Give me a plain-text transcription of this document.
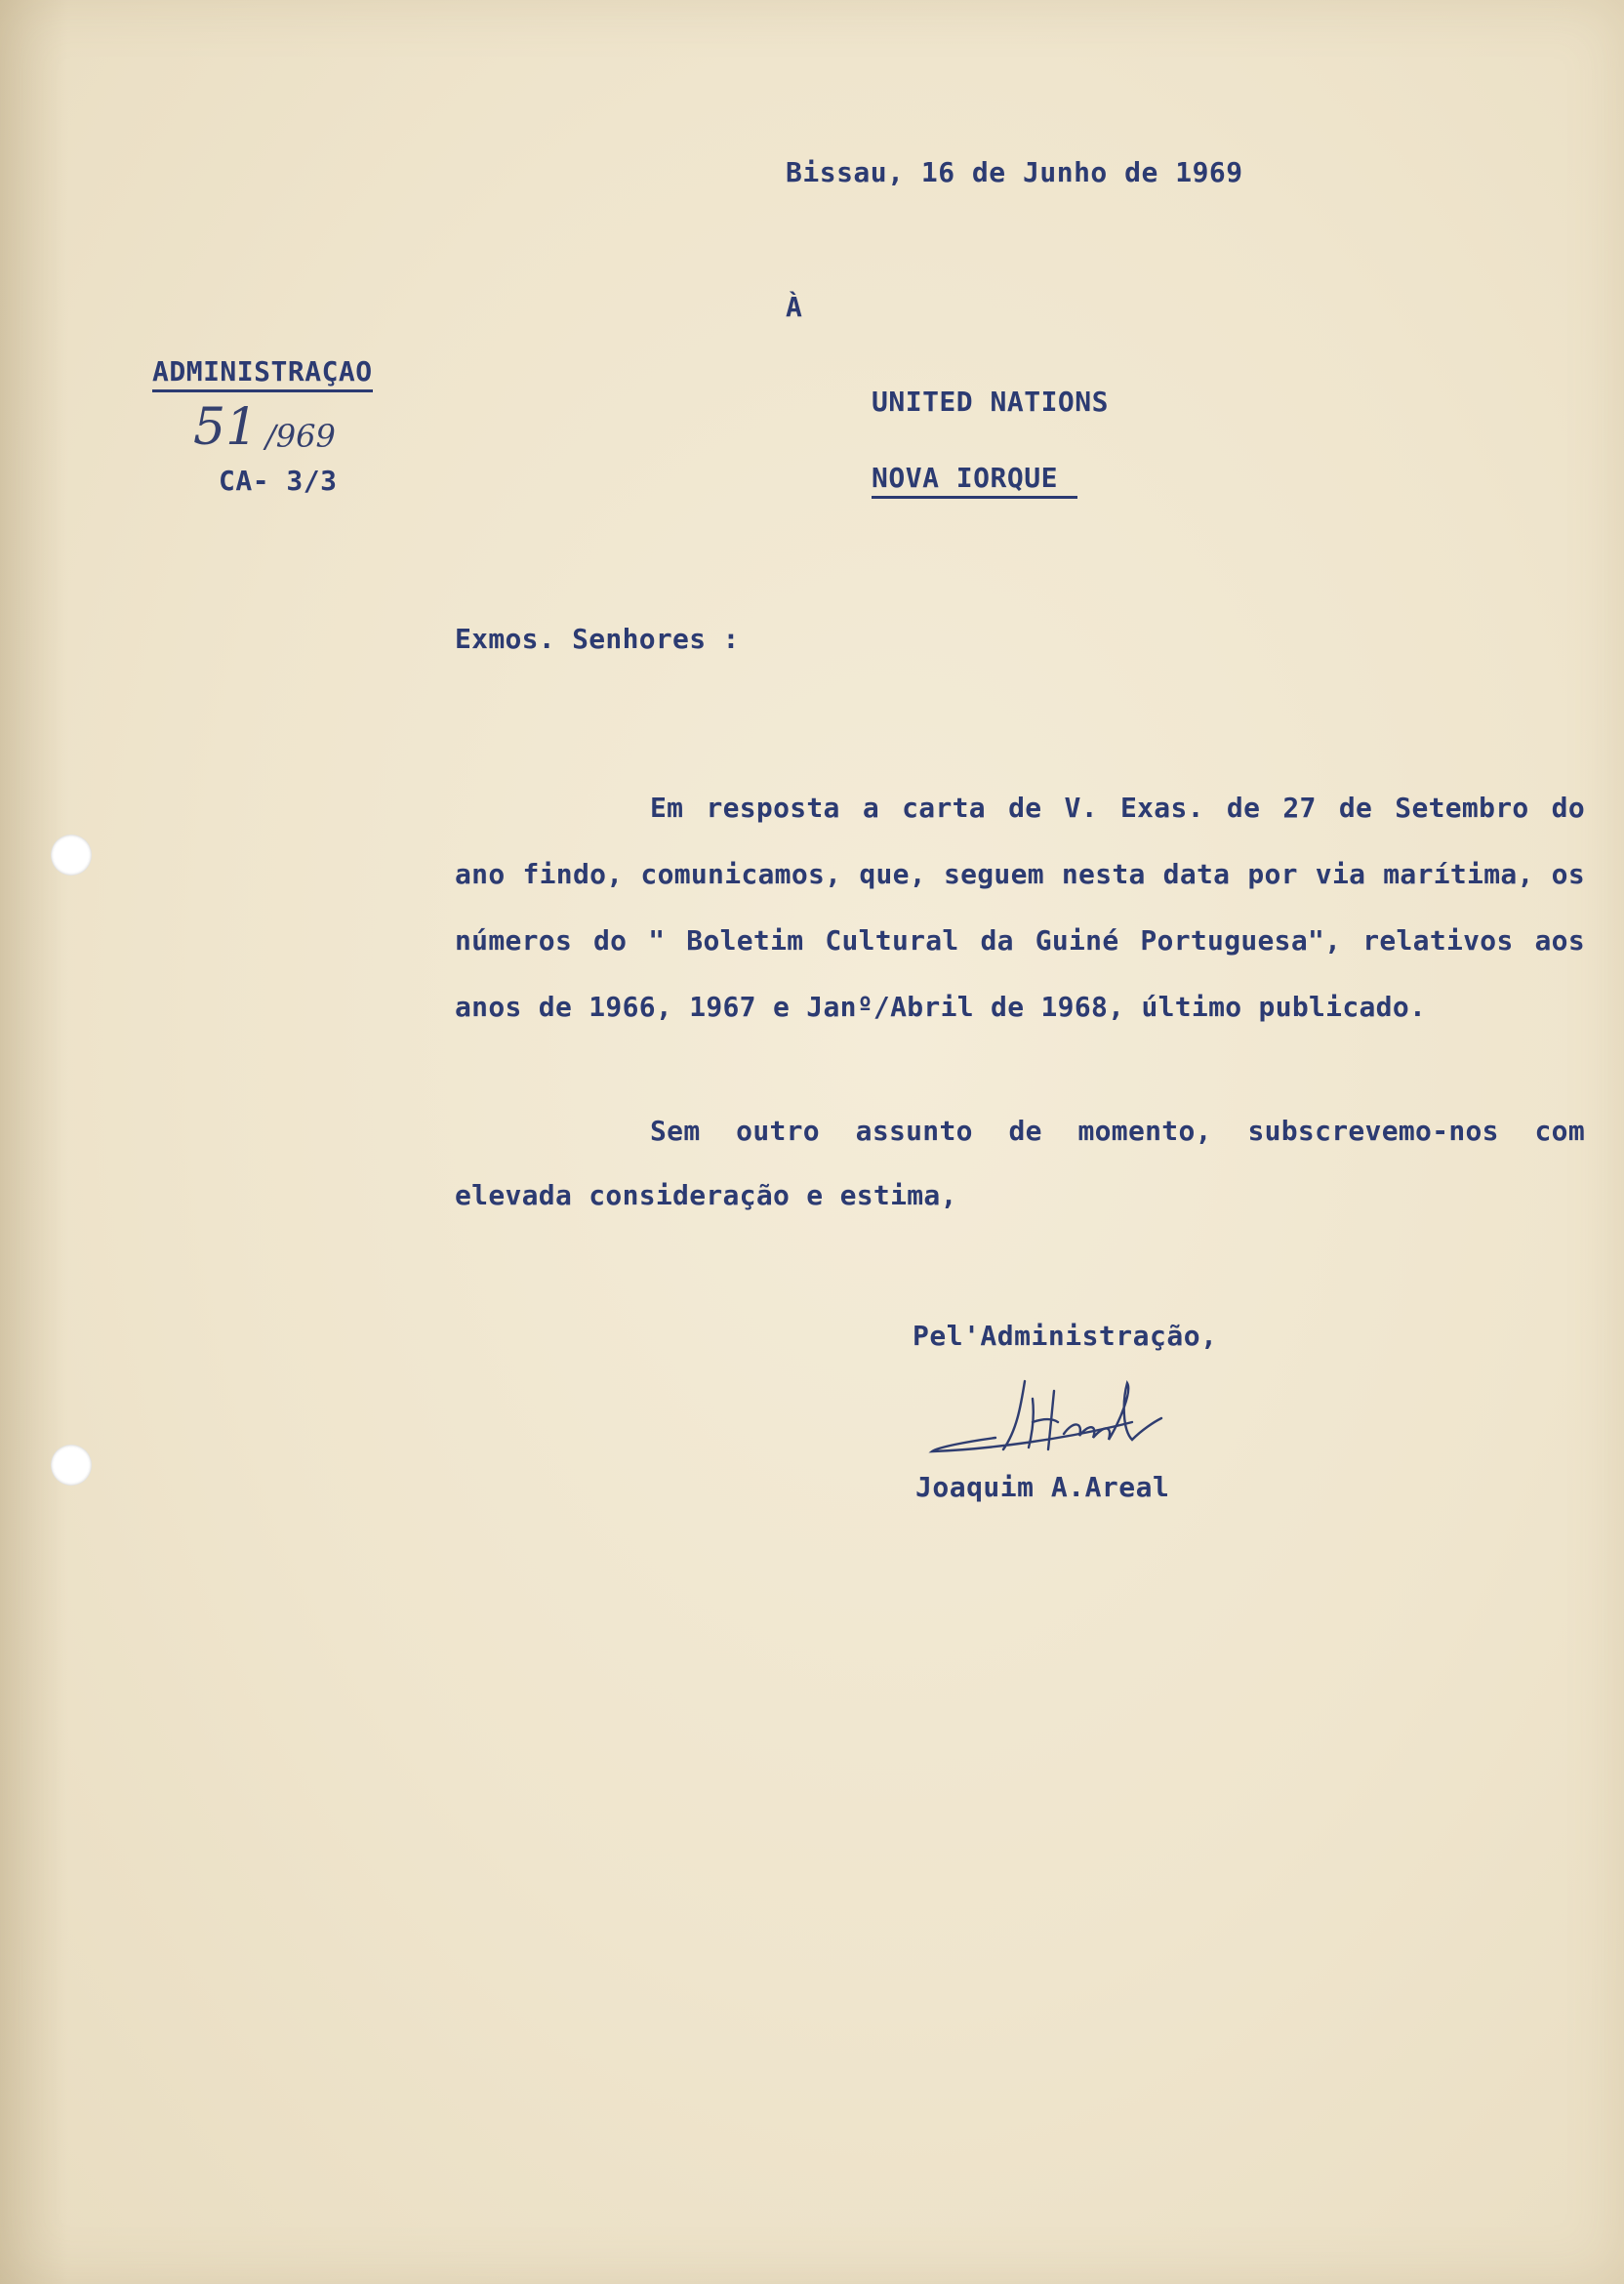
Bissau, 16 de Junho de 1969

À

UNITED NATIONS

NOVA IORQUE

ADMINISTRAÇAO

51 /969

CA- 3/3

Exmos. Senhores :

Em resposta a carta de V. Exas. de 27 de Setembro do ano findo, comunicamos, que, seguem nesta data por via marítima, os números do " Boletim Cultural da Guiné Portuguesa", relativos aos anos de 1966, 1967 e Janº/Abril de 1968, último publicado.

Sem outro assunto de momento, subscrevemo-nos com elevada consideração e estima,

Pel'Administração,

Joaquim A.Areal
